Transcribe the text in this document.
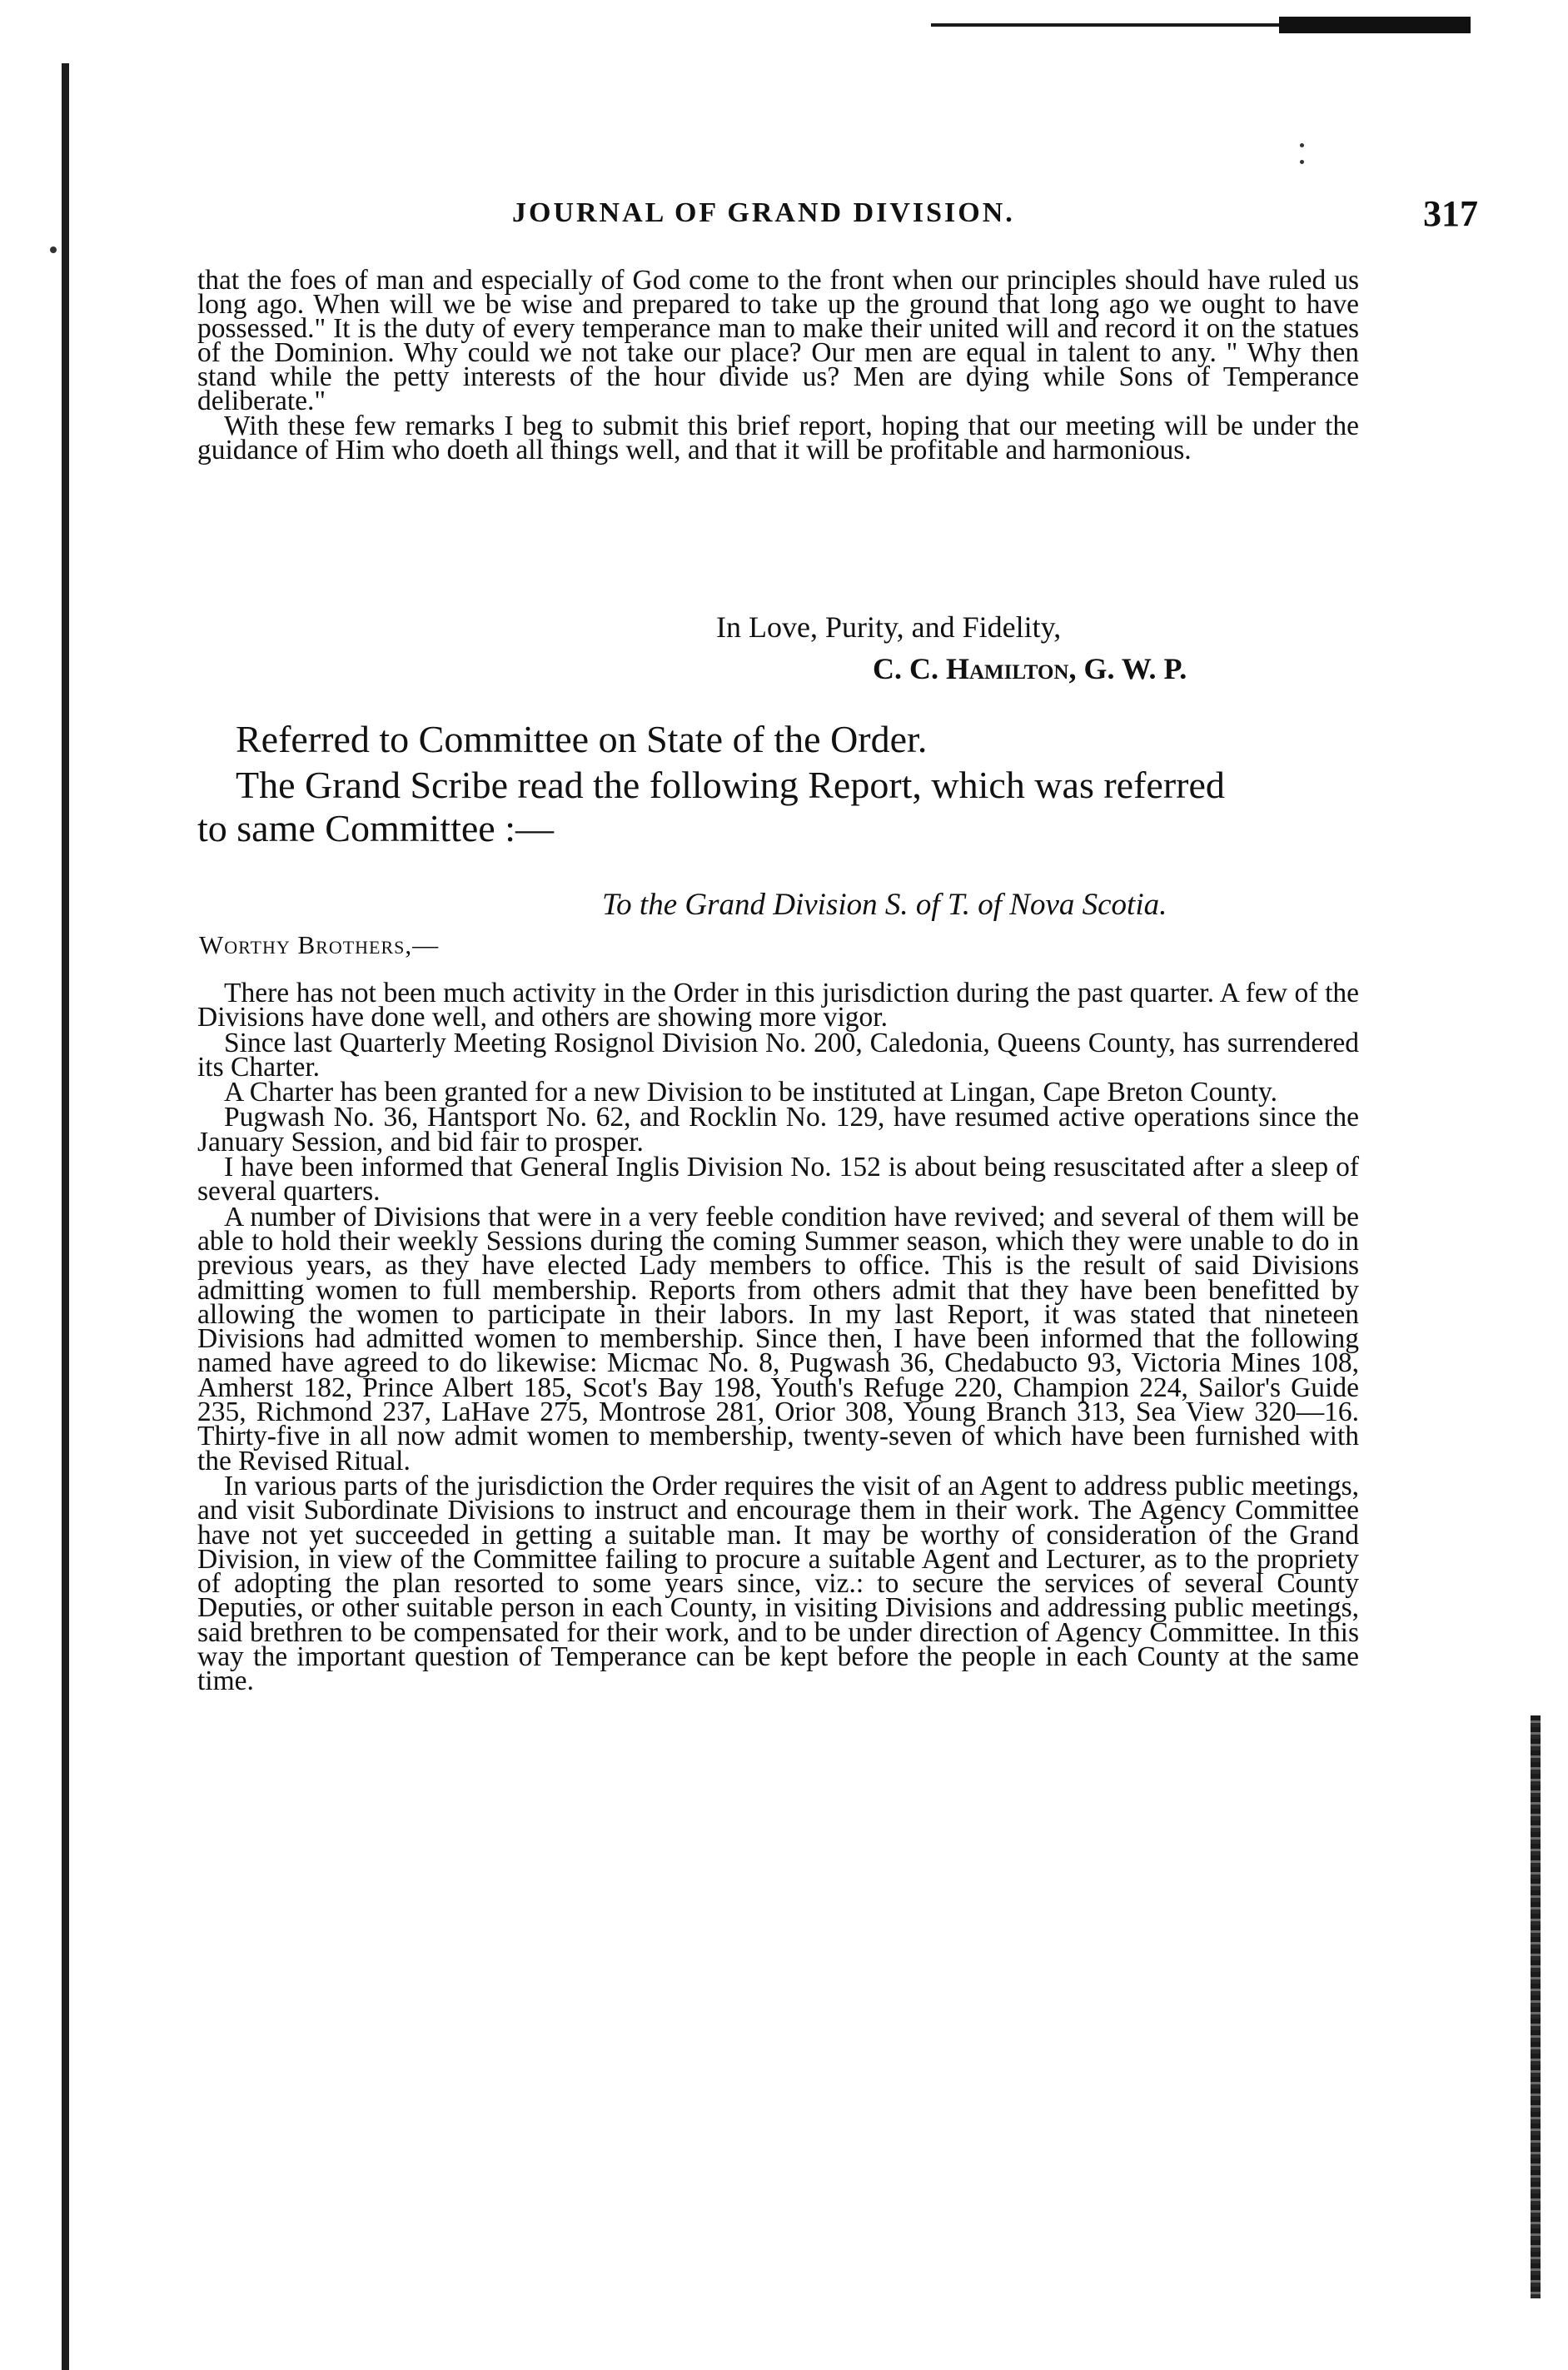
JOURNAL OF GRAND DIVISION.	317

that the foes of man and especially of God come to the front when our principles should have ruled us long ago. When will we be wise and prepared to take up the ground that long ago we ought to have possessed." It is the duty of every temperance man to make their united will and record it on the statues of the Dominion. Why could we not take our place? Our men are equal in talent to any. " Why then stand while the petty interests of the hour divide us? Men are dying while Sons of Temperance deliberate."

With these few remarks I beg to submit this brief report, hoping that our meeting will be under the guidance of Him who doeth all things well, and that it will be profitable and harmonious.

In Love, Purity, and Fidelity,
C. C. Hamilton, G. W. P.
Referred to Committee on State of the Order.
The Grand Scribe read the following Report, which was referred
to same Committee :—
To the Grand Division S. of T. of Nova Scotia.
Worthy Brothers,—

There has not been much activity in the Order in this jurisdiction during the past quarter. A few of the Divisions have done well, and others are showing more vigor.

Since last Quarterly Meeting Rosignol Division No. 200, Caledonia, Queens County, has surrendered its Charter.

A Charter has been granted for a new Division to be instituted at Lingan, Cape Breton County.

Pugwash No. 36, Hantsport No. 62, and Rocklin No. 129, have resumed active operations since the January Session, and bid fair to prosper.

I have been informed that General Inglis Division No. 152 is about being resuscitated after a sleep of several quarters.

A number of Divisions that were in a very feeble condition have revived; and several of them will be able to hold their weekly Sessions during the coming Summer season, which they were unable to do in previous years, as they have elected Lady members to office. This is the result of said Divisions admitting women to full membership. Reports from others admit that they have been benefitted by allowing the women to participate in their labors. In my last Report, it was stated that nineteen Divisions had admitted women to membership. Since then, I have been informed that the following named have agreed to do likewise: Micmac No. 8, Pugwash 36, Chedabucto 93, Victoria Mines 108, Amherst 182, Prince Albert 185, Scot's Bay 198, Youth's Refuge 220, Champion 224, Sailor's Guide 235, Richmond 237, LaHave 275, Montrose 281, Orior 308, Young Branch 313, Sea View 320—16. Thirty-five in all now admit women to membership, twenty-seven of which have been furnished with the Revised Ritual.

In various parts of the jurisdiction the Order requires the visit of an Agent to address public meetings, and visit Subordinate Divisions to instruct and encourage them in their work. The Agency Committee have not yet succeeded in getting a suitable man. It may be worthy of consideration of the Grand Division, in view of the Committee failing to procure a suitable Agent and Lecturer, as to the propriety of adopting the plan resorted to some years since, viz.: to secure the services of several County Deputies, or other suitable person in each County, in visiting Divisions and addressing public meetings, said brethren to be compensated for their work, and to be under direction of Agency Committee. In this way the important question of Temperance can be kept before the people in each County at the same time.
